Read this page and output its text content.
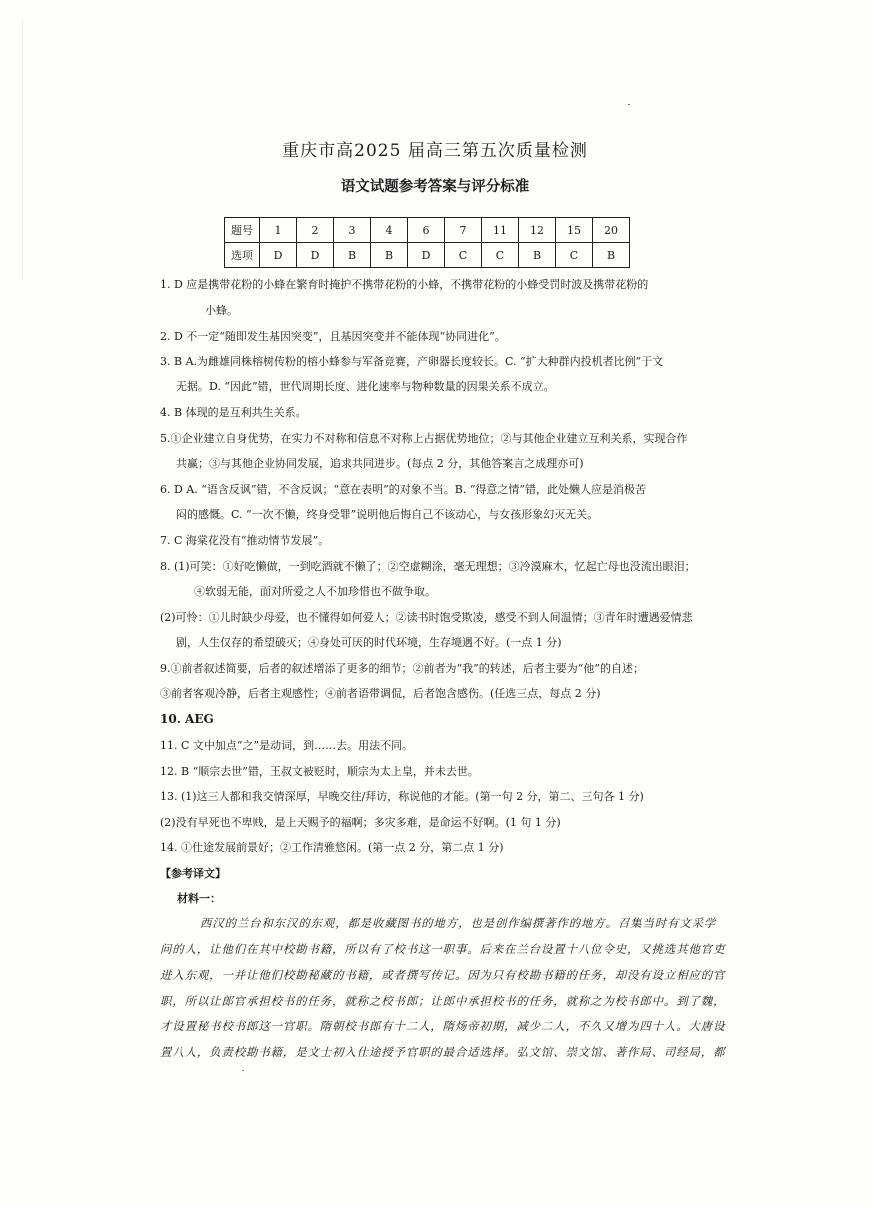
重庆市高2025 届高三第五次质量检测
语文试题参考答案与评分标准
题号	1	2	3	4	6	7	11	12	15	20
选项	D	D	B	B	D	C	C	B	C	B
1. D 应是携带花粉的小蜂在繁育时掩护不携带花粉的小蜂，不携带花粉的小蜂受罚时波及携带花粉的
小蜂。
2. D 不一定“随即发生基因突变”，且基因突变并不能体现“协同进化”。
3. B A.为雌雄同株榕树传粉的榕小蜂参与军备竞赛，产卵器长度较长。C. “扩大种群内投机者比例”于文
无据。D. “因此”错，世代周期长度、进化速率与物种数量的因果关系不成立。
4. B 体现的是互利共生关系。
5.①企业建立自身优势，在实力不对称和信息不对称上占据优势地位；②与其他企业建立互利关系，实现合作
共赢；③与其他企业协同发展，追求共同进步。(每点 2 分，其他答案言之成理亦可)
6. D A. “语含反讽”错，不含反讽；“意在表明”的对象不当。B. “得意之情”错，此处懒人应是消极苦
闷的感慨。C. “一次不懒，终身受罪”说明他后悔自己不该动心，与女孩形象幻灭无关。
7. C 海棠花没有“推动情节发展”。
8. (1)可笑：①好吃懒做，一到吃酒就不懒了；②空虚糊涂，毫无理想；③冷漠麻木，忆起亡母也没流出眼泪；
④软弱无能，面对所爱之人不加珍惜也不做争取。
(2)可怜：①儿时缺少母爱，也不懂得如何爱人；②读书时饱受欺凌，感受不到人间温情；③青年时遭遇爱情悲
剧，人生仅存的希望破灭；④身处可厌的时代环境，生存境遇不好。(一点 1 分)
9.①前者叙述简要，后者的叙述增添了更多的细节；②前者为“我”的转述，后者主要为“他”的自述；
③前者客观冷静，后者主观感性；④前者语带调侃，后者饱含感伤。(任选三点，每点 2 分)
10. AEG
11. C 文中加点“之”是动词，到……去。用法不同。
12. B “顺宗去世”错，王叔文被贬时，顺宗为太上皇，并未去世。
13. (1)这三人都和我交情深厚，早晚交往/拜访，称说他的才能。(第一句 2 分，第二、三句各 1 分)
(2)没有早死也不卑贱，是上天赐予的福啊；多灾多难，是命运不好啊。(1 句 1 分)
14. ①仕途发展前景好；②工作清雅悠闲。(第一点 2 分，第二点 1 分)
【参考译文】
材料一：
西汉的兰台和东汉的东观，都是收藏图书的地方，也是创作编撰著作的地方。召集当时有文采学
问的人，让他们在其中校勘书籍，所以有了校书这一职事。后来在兰台设置十八位令史，又挑选其他官吏
进入东观，一并让他们校勘秘藏的书籍，或者撰写传记。因为只有校勘书籍的任务，却没有设立相应的官
职，所以让郎官承担校书的任务，就称之校书郎；让郎中承担校书的任务，就称之为校书郎中。到了魏，
才设置秘书校书郎这一官职。隋朝校书郎有十二人，隋炀帝初期，减少二人，不久又增为四十人。大唐设
置八人，负责校勘书籍，是文士初入仕途授予官职的最合适选择。弘文馆、崇文馆、著作局、司经局，都
